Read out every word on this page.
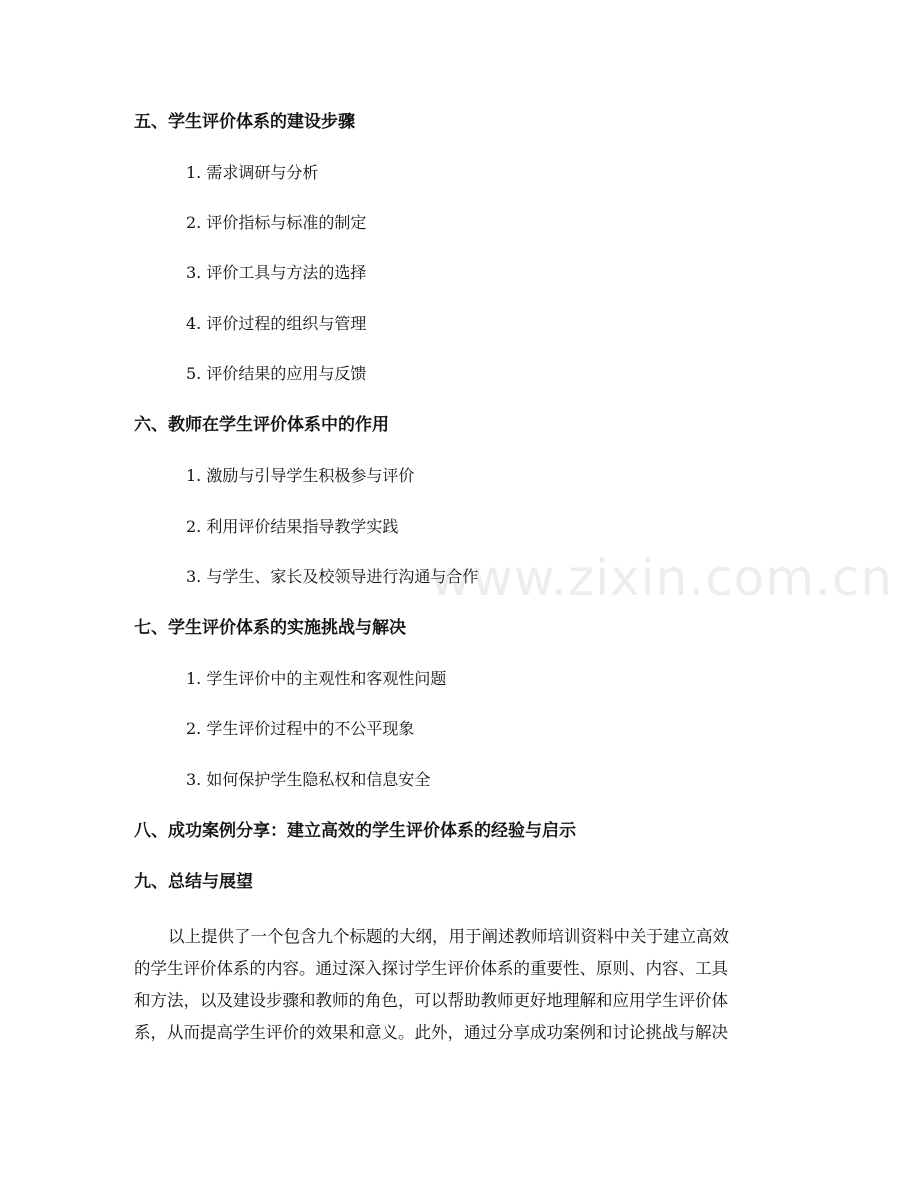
五、学生评价体系的建设步骤
1. 需求调研与分析
2. 评价指标与标准的制定
3. 评价工具与方法的选择
4. 评价过程的组织与管理
5. 评价结果的应用与反馈
六、教师在学生评价体系中的作用
1. 激励与引导学生积极参与评价
2. 利用评价结果指导教学实践
3. 与学生、家长及校领导进行沟通与合作
七、学生评价体系的实施挑战与解决
1. 学生评价中的主观性和客观性问题
2. 学生评价过程中的不公平现象
3. 如何保护学生隐私权和信息安全
八、成功案例分享：建立高效的学生评价体系的经验与启示
九、总结与展望
以上提供了一个包含九个标题的大纲，用于阐述教师培训资料中关于建立高效
的学生评价体系的内容。通过深入探讨学生评价体系的重要性、原则、内容、工具
和方法，以及建设步骤和教师的角色，可以帮助教师更好地理解和应用学生评价体
系，从而提高学生评价的效果和意义。此外，通过分享成功案例和讨论挑战与解决
www.zixin.com.cn
